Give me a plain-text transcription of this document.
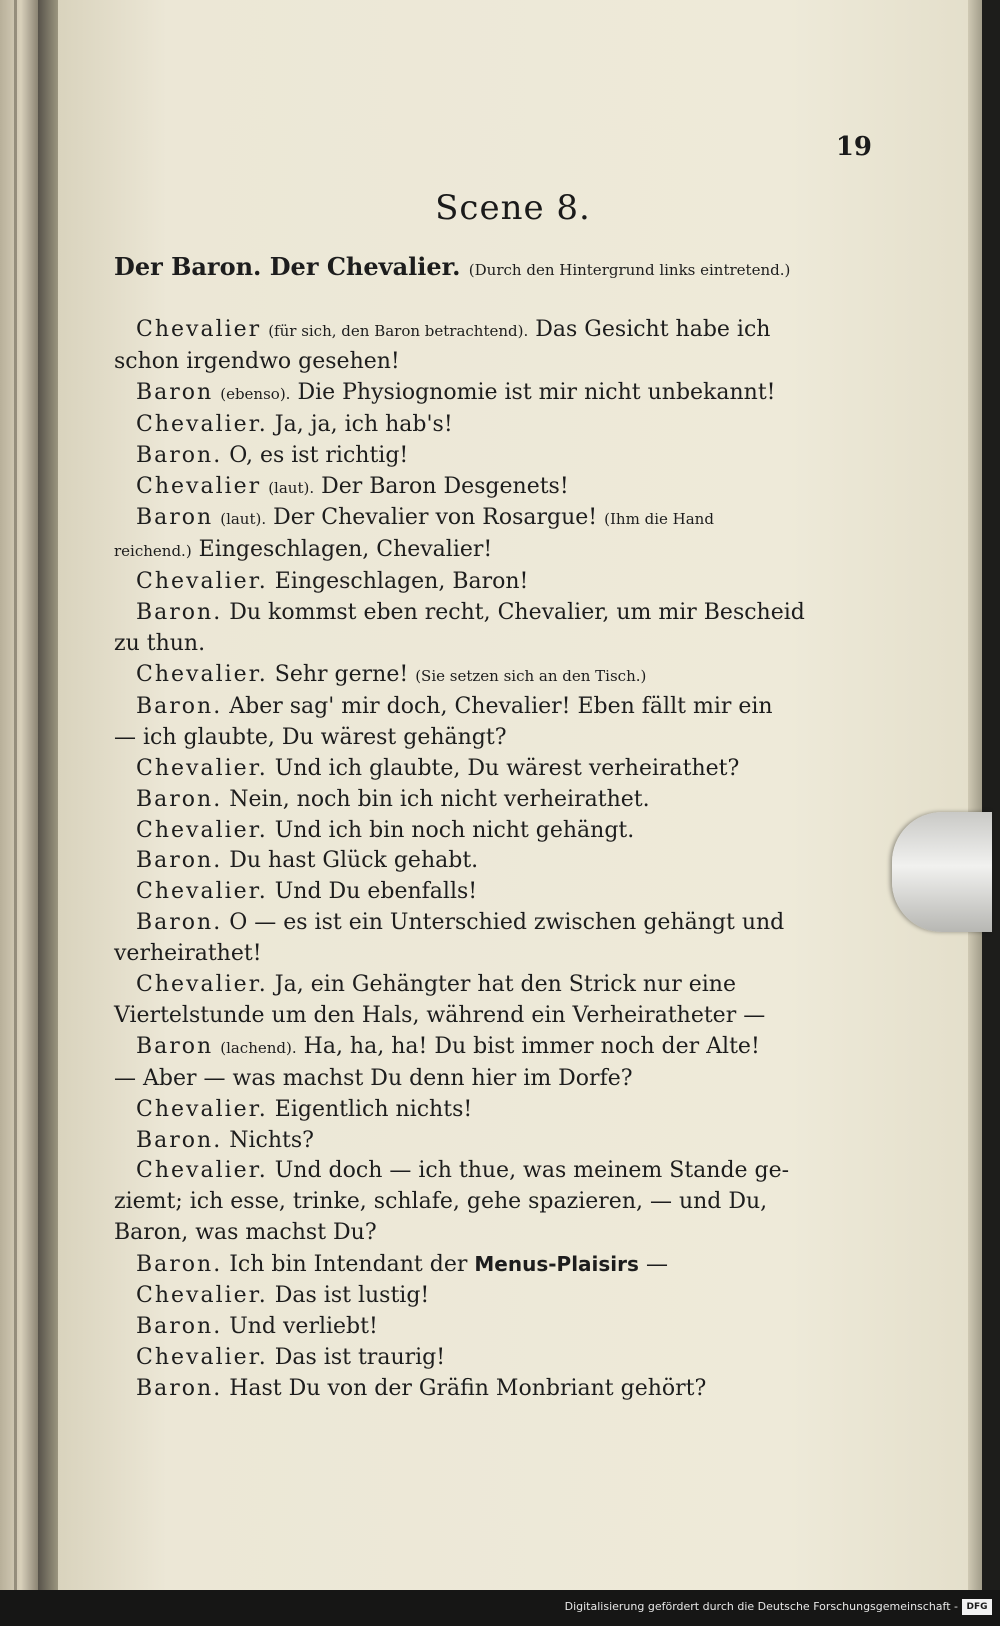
19
Scene 8.
Der Baron. Der Chevalier. (Durch den Hintergrund links eintretend.)
Chevalier (für sich, den Baron betrachtend). Das Gesicht habe ich
schon irgendwo gesehen!
Baron (ebenso). Die Physiognomie ist mir nicht unbekannt!
Chevalier. Ja, ja, ich hab's!
Baron. O, es ist richtig!
Chevalier (laut). Der Baron Desgenets!
Baron (laut). Der Chevalier von Rosargue! (Ihm die Hand
reichend.) Eingeschlagen, Chevalier!
Chevalier. Eingeschlagen, Baron!
Baron. Du kommst eben recht, Chevalier, um mir Bescheid
zu thun.
Chevalier. Sehr gerne! (Sie setzen sich an den Tisch.)
Baron. Aber sag' mir doch, Chevalier! Eben fällt mir ein
— ich glaubte, Du wärest gehängt?
Chevalier. Und ich glaubte, Du wärest verheirathet?
Baron. Nein, noch bin ich nicht verheirathet.
Chevalier. Und ich bin noch nicht gehängt.
Baron. Du hast Glück gehabt.
Chevalier. Und Du ebenfalls!
Baron. O — es ist ein Unterschied zwischen gehängt und
verheirathet!
Chevalier. Ja, ein Gehängter hat den Strick nur eine
Viertelstunde um den Hals, während ein Verheiratheter —
Baron (lachend). Ha, ha, ha! Du bist immer noch der Alte!
— Aber — was machst Du denn hier im Dorfe?
Chevalier. Eigentlich nichts!
Baron. Nichts?
Chevalier. Und doch — ich thue, was meinem Stande ge-
ziemt; ich esse, trinke, schlafe, gehe spazieren, — und Du,
Baron, was machst Du?
Baron. Ich bin Intendant der Menus-Plaisirs —
Chevalier. Das ist lustig!
Baron. Und verliebt!
Chevalier. Das ist traurig!
Baron. Hast Du von der Gräfin Monbriant gehört?
Digitalisierung gefördert durch die Deutsche Forschungsgemeinschaft - DFG
